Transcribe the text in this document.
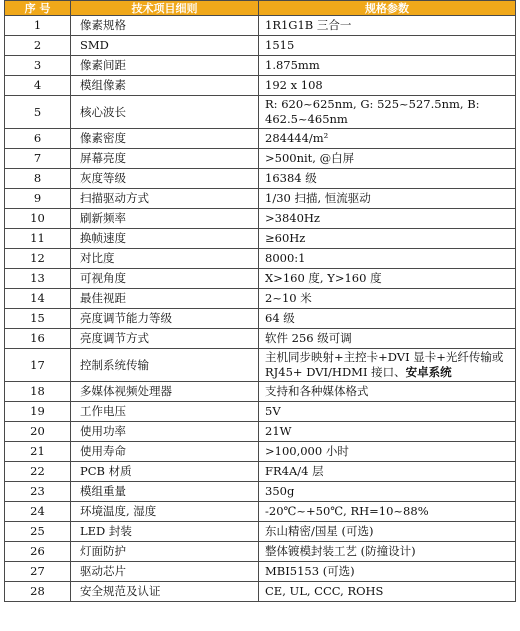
序 号	技术项目细则	规格参数
1	像素规格	1R1G1B 三合一
2	SMD	1515
3	像素间距	1.875mm
4	模组像素	192 x 108
5	核心波长	R: 620~625nm, G: 525~527.5nm, B: 462.5~465nm
6	像素密度	284444/m²
7	屏幕亮度	>500nit, @白屏
8	灰度等级	16384 级
9	扫描驱动方式	1/30 扫描, 恒流驱动
10	刷新频率	>3840Hz
11	换帧速度	≥60Hz
12	对比度	8000:1
13	可视角度	X>160 度, Y>160 度
14	最佳视距	2~10 米
15	亮度调节能力等级	64 级
16	亮度调节方式	软件 256 级可调
17	控制系统传输	主机同步映射+主控卡+DVI 显卡+光纤传输或 RJ45+ DVI/HDMI 接口、安卓系统
18	多媒体视频处理器	支持和各种媒体格式
19	工作电压	5V
20	使用功率	21W
21	使用寿命	>100,000 小时
22	PCB 材质	FR4A/4 层
23	模组重量	350g
24	环境温度, 湿度	-20℃~+50℃, RH=10~88%
25	LED 封装	东山精密/国星 (可选)
26	灯面防护	整体镀模封装工艺 (防撞设计)
27	驱动芯片	MBI5153 (可选)
28	安全规范及认证	CE, UL, CCC, ROHS
